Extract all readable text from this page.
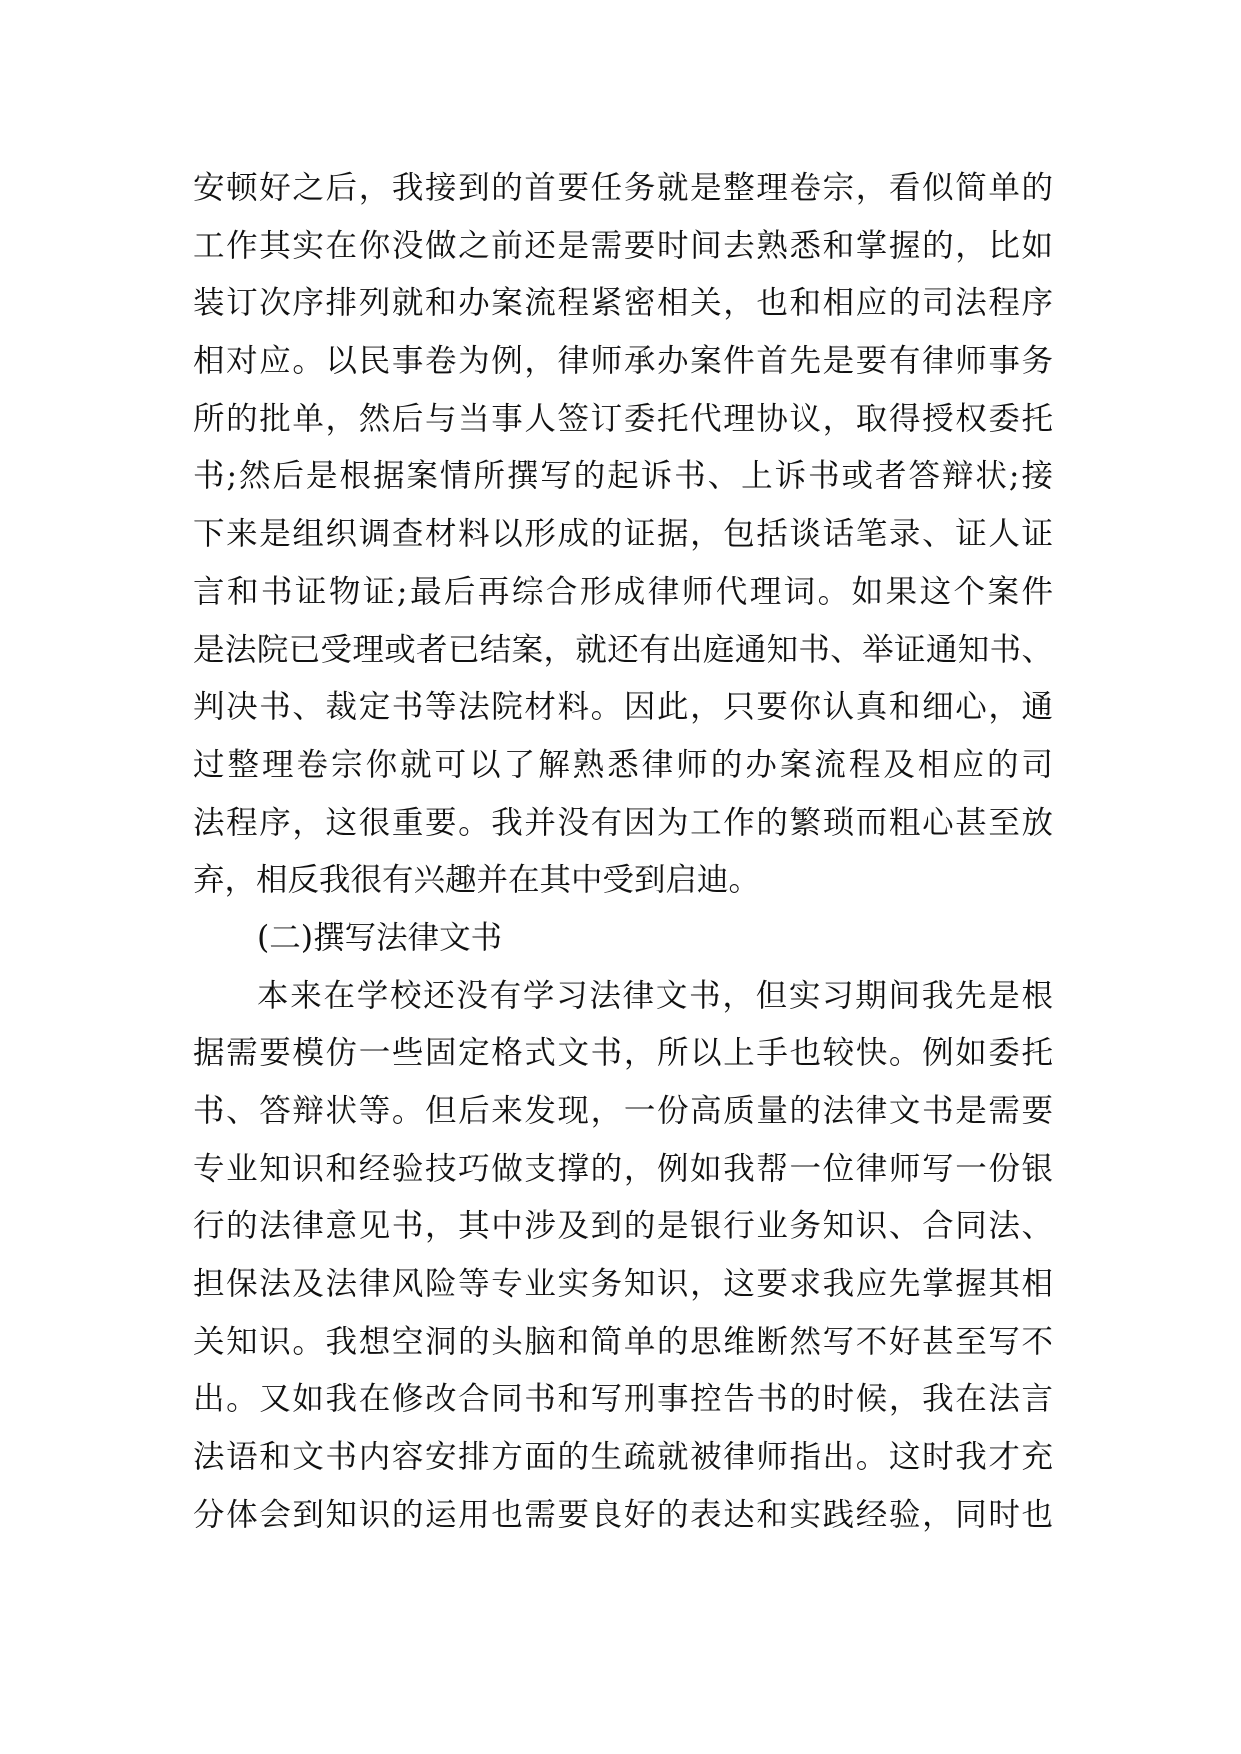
安顿好之后，我接到的首要任务就是整理卷宗，看似简单的
工作其实在你没做之前还是需要时间去熟悉和掌握的，比如
装订次序排列就和办案流程紧密相关，也和相应的司法程序
相对应。以民事卷为例，律师承办案件首先是要有律师事务
所的批单，然后与当事人签订委托代理协议，取得授权委托
书;然后是根据案情所撰写的起诉书、上诉书或者答辩状;接
下来是组织调查材料以形成的证据，包括谈话笔录、证人证
言和书证物证;最后再综合形成律师代理词。如果这个案件
是法院已受理或者已结案，就还有出庭通知书、举证通知书、
判决书、裁定书等法院材料。因此，只要你认真和细心，通
过整理卷宗你就可以了解熟悉律师的办案流程及相应的司
法程序，这很重要。我并没有因为工作的繁琐而粗心甚至放
弃，相反我很有兴趣并在其中受到启迪。
(二)撰写法律文书
本来在学校还没有学习法律文书，但实习期间我先是根
据需要模仿一些固定格式文书，所以上手也较快。例如委托
书、答辩状等。但后来发现，一份高质量的法律文书是需要
专业知识和经验技巧做支撑的，例如我帮一位律师写一份银
行的法律意见书，其中涉及到的是银行业务知识、合同法、
担保法及法律风险等专业实务知识，这要求我应先掌握其相
关知识。我想空洞的头脑和简单的思维断然写不好甚至写不
出。又如我在修改合同书和写刑事控告书的时候，我在法言
法语和文书内容安排方面的生疏就被律师指出。这时我才充
分体会到知识的运用也需要良好的表达和实践经验，同时也
